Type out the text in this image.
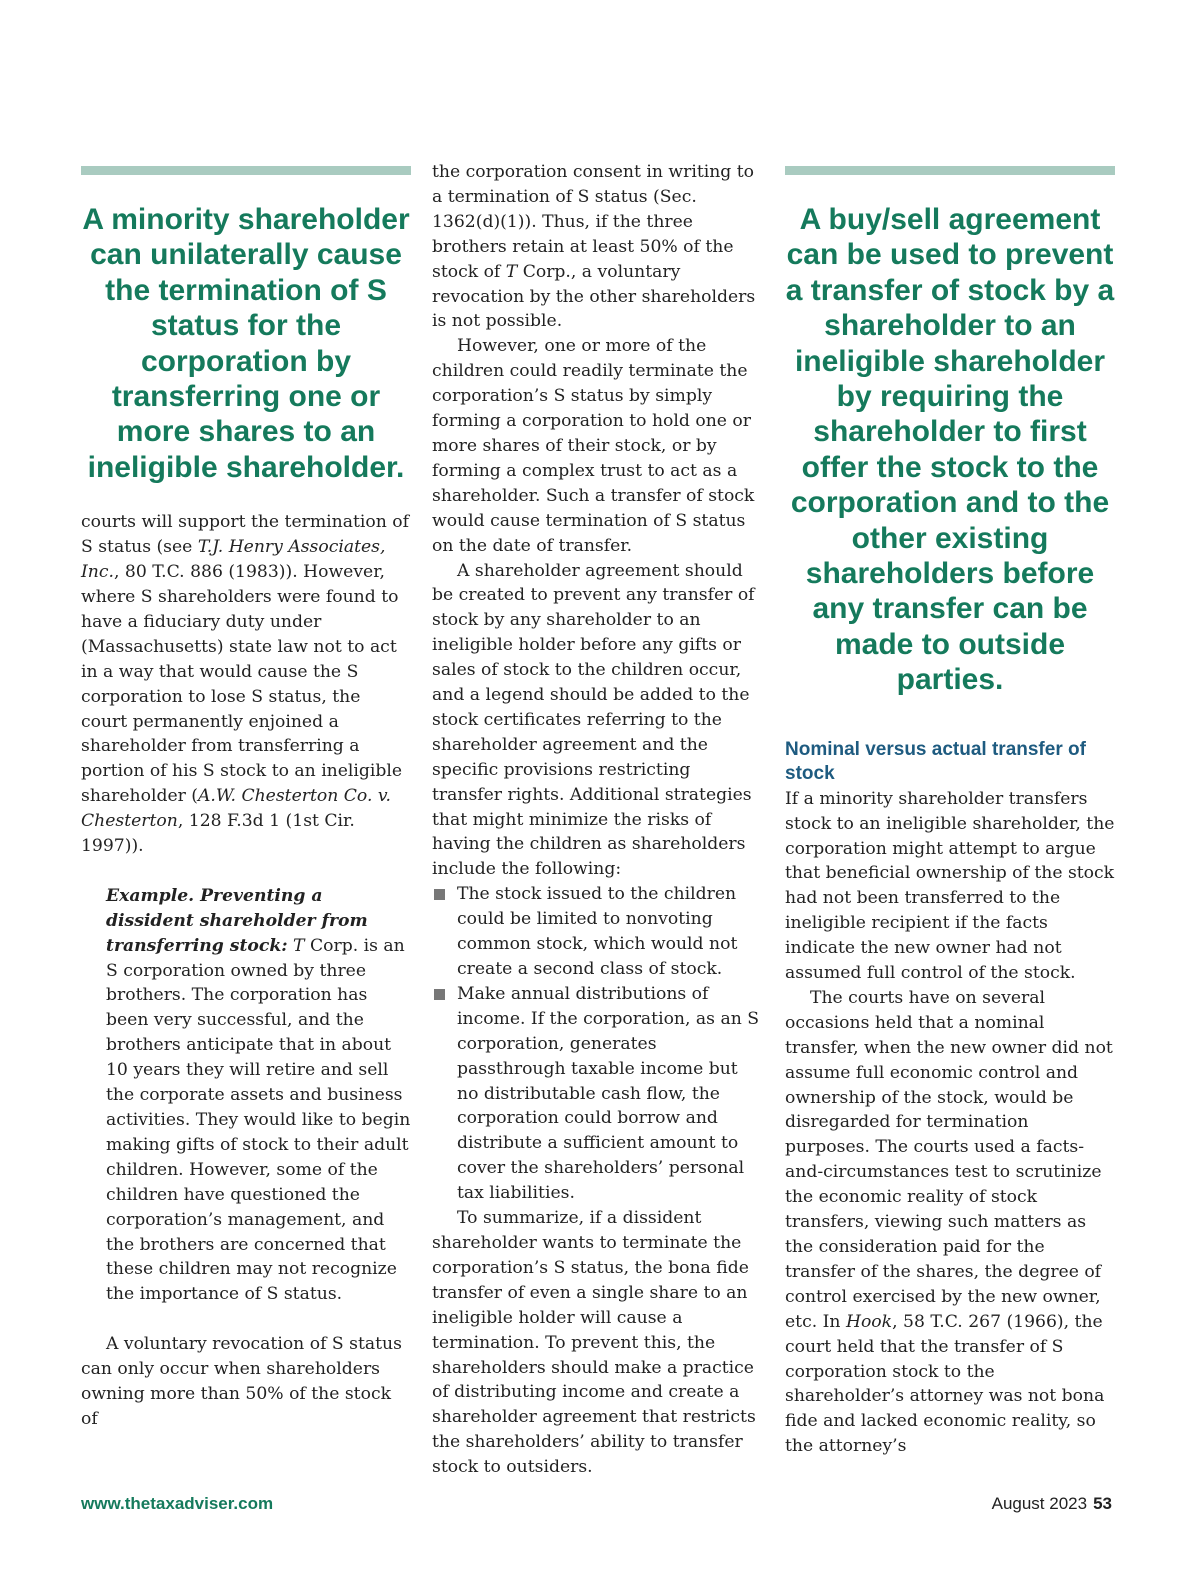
A minority shareholder can unilaterally cause the termination of S status for the corporation by transferring one or more shares to an ineligible shareholder.

courts will support the termination of S status (see T.J. Henry Associates, Inc., 80 T.C. 886 (1983)). However, where S shareholders were found to have a fiduciary duty under (Massachusetts) state law not to act in a way that would cause the S corporation to lose S status, the court permanently enjoined a shareholder from transferring a portion of his S stock to an ineligible shareholder (A.W. Chesterton Co. v. Chesterton, 128 F.3d 1 (1st Cir. 1997)).

Example. Preventing a dissident shareholder from transferring stock: T Corp. is an S corporation owned by three brothers. The corporation has been very successful, and the brothers anticipate that in about 10 years they will retire and sell the corporate assets and business activities. They would like to begin making gifts of stock to their adult children. However, some of the children have questioned the corporation’s management, and the brothers are concerned that these children may not recognize the importance of S status.

A voluntary revocation of S status can only occur when shareholders owning more than 50% of the stock of

the corporation consent in writing to a termination of S status (Sec. 1362(d)(1)). Thus, if the three brothers retain at least 50% of the stock of T Corp., a voluntary revocation by the other shareholders is not possible.

However, one or more of the children could readily terminate the corporation’s S status by simply forming a corporation to hold one or more shares of their stock, or by forming a complex trust to act as a shareholder. Such a transfer of stock would cause termination of S status on the date of transfer.

A shareholder agreement should be created to prevent any transfer of stock by any shareholder to an ineligible holder before any gifts or sales of stock to the children occur, and a legend should be added to the stock certificates referring to the shareholder agreement and the specific provisions restricting transfer rights. Additional strategies that might minimize the risks of having the children as shareholders include the following:

The stock issued to the children could be limited to nonvoting common stock, which would not create a second class of stock.
Make annual distributions of income. If the corporation, as an S corporation, generates passthrough taxable income but no distributable cash flow, the corporation could borrow and distribute a sufficient amount to cover the shareholders’ personal tax liabilities.

To summarize, if a dissident shareholder wants to terminate the corporation’s S status, the bona fide transfer of even a single share to an ineligible holder will cause a termination. To prevent this, the shareholders should make a practice of distributing income and create a shareholder agreement that restricts the shareholders’ ability to transfer stock to outsiders.

A buy/sell agreement can be used to prevent a transfer of stock by a shareholder to an ineligible shareholder by requiring the shareholder to first offer the stock to the corporation and to the other existing shareholders before any transfer can be made to outside parties.
Nominal versus actual transfer of stock

If a minority shareholder transfers stock to an ineligible shareholder, the corporation might attempt to argue that beneficial ownership of the stock had not been transferred to the ineligible recipient if the facts indicate the new owner had not assumed full control of the stock.

The courts have on several occasions held that a nominal transfer, when the new owner did not assume full economic control and ownership of the stock, would be disregarded for termination purposes. The courts used a facts-and-circumstances test to scrutinize the economic reality of stock transfers, viewing such matters as the consideration paid for the transfer of the shares, the degree of control exercised by the new owner, etc. In Hook, 58 T.C. 267 (1966), the court held that the transfer of S corporation stock to the shareholder’s attorney was not bona fide and lacked economic reality, so the attorney’s

www.thetaxadviser.com	August 2023 53
